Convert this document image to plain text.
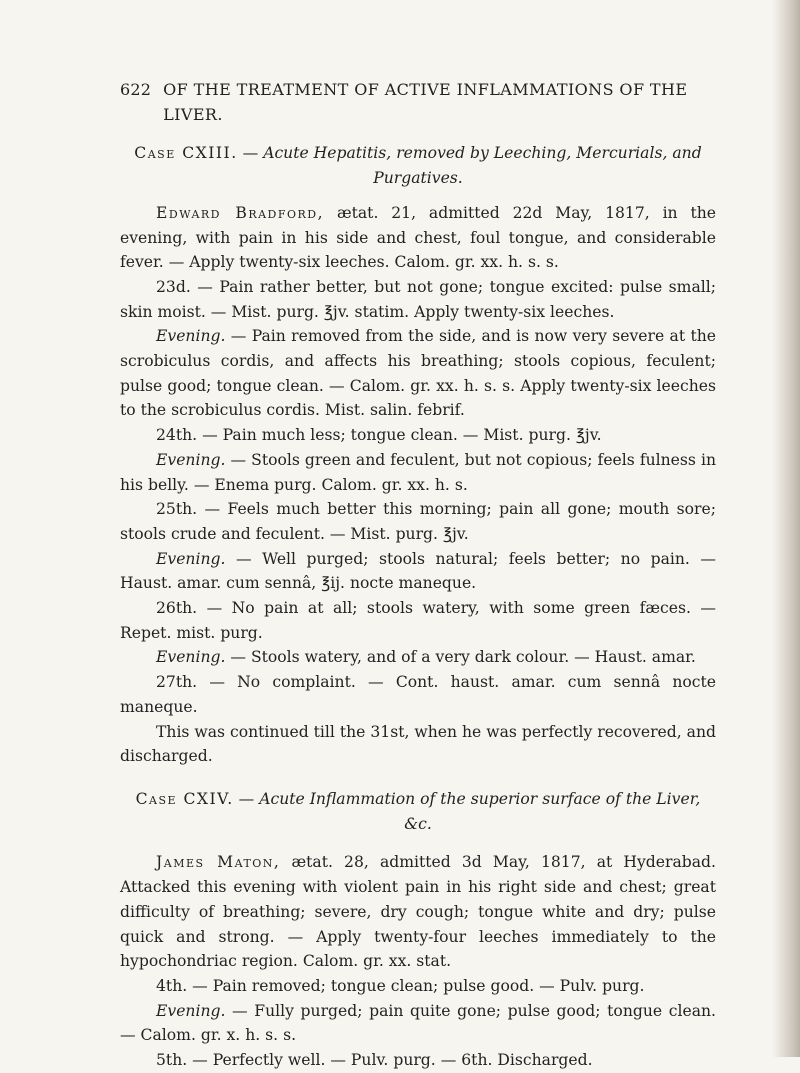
622 OF THE TREATMENT OF ACTIVE INFLAMMATIONS OF THE LIVER.

Case CXIII. — Acute Hepatitis, removed by Leeching, Mercurials, and Purgatives.

Edward Bradford, ætat. 21, admitted 22d May, 1817, in the evening, with pain in his side and chest, foul tongue, and considerable fever. — Apply twenty-six leeches. Calom. gr. xx. h. s. s.

23d. — Pain rather better, but not gone; tongue excited: pulse small; skin moist. — Mist. purg. ℥jv. statim. Apply twenty-six leeches.

Evening. — Pain removed from the side, and is now very severe at the scrobiculus cordis, and affects his breathing; stools copious, feculent; pulse good; tongue clean. — Calom. gr. xx. h. s. s. Apply twenty-six leeches to the scrobiculus cordis. Mist. salin. febrif.

24th. — Pain much less; tongue clean. — Mist. purg. ℥jv.

Evening. — Stools green and feculent, but not copious; feels fulness in his belly. — Enema purg. Calom. gr. xx. h. s.

25th. — Feels much better this morning; pain all gone; mouth sore; stools crude and feculent. — Mist. purg. ℥jv.

Evening. — Well purged; stools natural; feels better; no pain. — Haust. amar. cum sennâ, ℥ij. nocte maneque.

26th. — No pain at all; stools watery, with some green fæces. — Repet. mist. purg.

Evening. — Stools watery, and of a very dark colour. — Haust. amar.

27th. — No complaint. — Cont. haust. amar. cum sennâ nocte maneque.

This was continued till the 31st, when he was perfectly recovered, and discharged.

Case CXIV. — Acute Inflammation of the superior surface of the Liver, &c.

James Maton, ætat. 28, admitted 3d May, 1817, at Hyderabad. Attacked this evening with violent pain in his right side and chest; great difficulty of breathing; severe, dry cough; tongue white and dry; pulse quick and strong. — Apply twenty-four leeches immediately to the hypochondriac region. Calom. gr. xx. stat.

4th. — Pain removed; tongue clean; pulse good. — Pulv. purg.

Evening. — Fully purged; pain quite gone; pulse good; tongue clean. — Calom. gr. x. h. s. s.

5th. — Perfectly well. — Pulv. purg. — 6th. Discharged.
